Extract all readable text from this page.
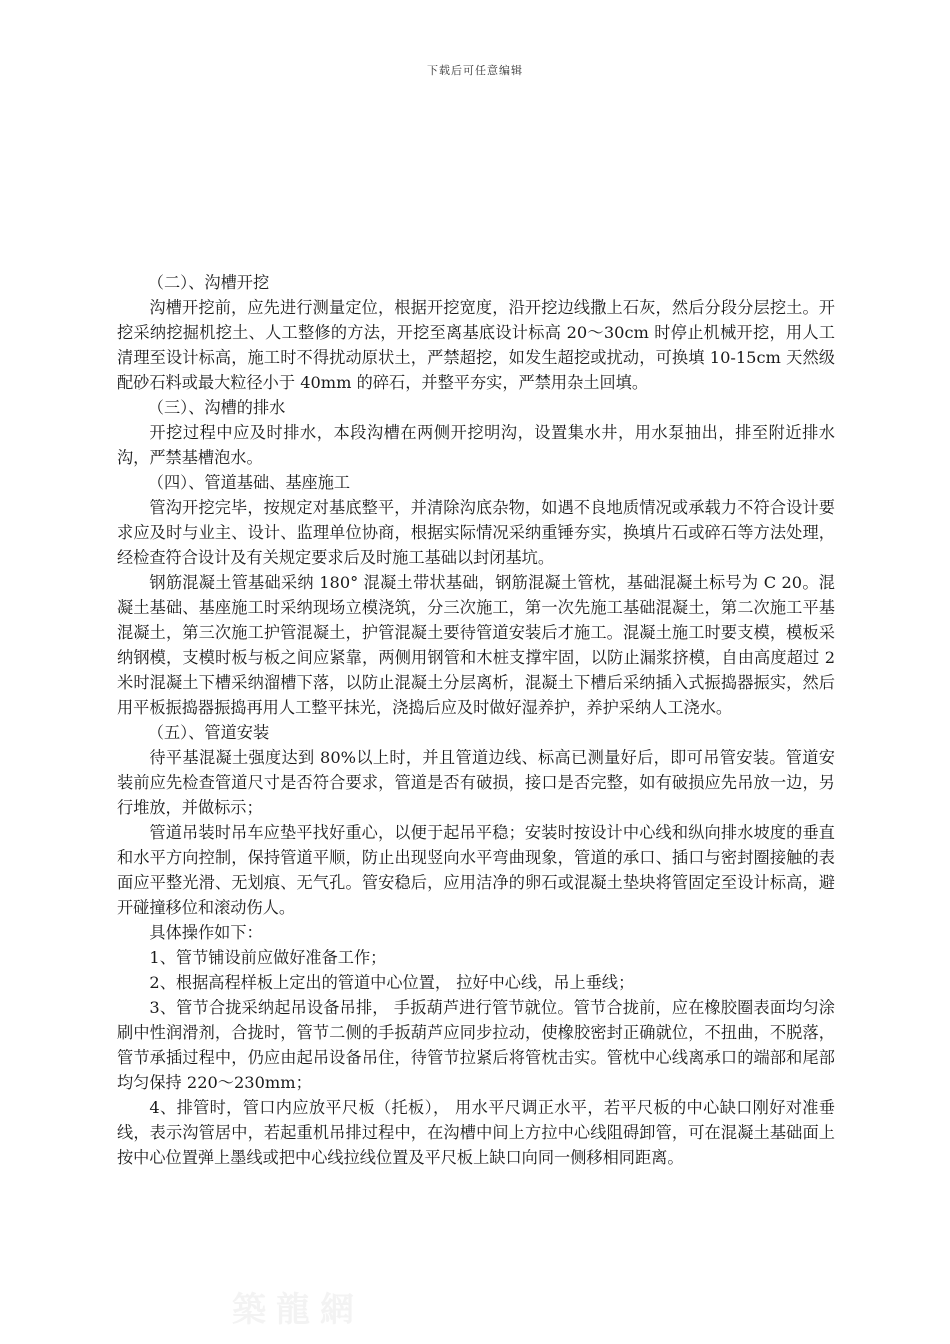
下载后可任意编辑

（二）、沟槽开挖

沟槽开挖前，应先进行测量定位，根据开挖宽度，沿开挖边线撒上石灰，然后分段分层挖土。开挖采纳挖掘机挖土、人工整修的方法，开挖至离基底设计标高 20～30cm 时停止机械开挖，用人工清理至设计标高，施工时不得扰动原状土，严禁超挖，如发生超挖或扰动，可换填 10-15cm 天然级配砂石料或最大粒径小于 40mm 的碎石，并整平夯实，严禁用杂土回填。

（三）、沟槽的排水

开挖过程中应及时排水，本段沟槽在两侧开挖明沟，设置集水井，用水泵抽出，排至附近排水沟，严禁基槽泡水。

（四）、管道基础、基座施工

管沟开挖完毕，按规定对基底整平，并清除沟底杂物，如遇不良地质情况或承载力不符合设计要求应及时与业主、设计、监理单位协商，根据实际情况采纳重锤夯实，换填片石或碎石等方法处理，经检查符合设计及有关规定要求后及时施工基础以封闭基坑。

钢筋混凝土管基础采纳 180° 混凝土带状基础，钢筋混凝土管枕，基础混凝土标号为 C 20。混凝土基础、基座施工时采纳现场立模浇筑，分三次施工，第一次先施工基础混凝土，第二次施工平基混凝土，第三次施工护管混凝土，护管混凝土要待管道安装后才施工。混凝土施工时要支模，模板采纳钢模，支模时板与板之间应紧靠，两侧用钢管和木桩支撑牢固，以防止漏浆挤模，自由高度超过 2 米时混凝土下槽采纳溜槽下落，以防止混凝土分层离析，混凝土下槽后采纳插入式振捣器振实，然后用平板振捣器振捣再用人工整平抹光，浇捣后应及时做好湿养护，养护采纳人工浇水。

（五）、管道安装

待平基混凝土强度达到 80%以上时，并且管道边线、标高已测量好后，即可吊管安装。管道安装前应先检查管道尺寸是否符合要求，管道是否有破损，接口是否完整，如有破损应先吊放一边，另行堆放，并做标示；

管道吊装时吊车应垫平找好重心，以便于起吊平稳；安装时按设计中心线和纵向排水坡度的垂直和水平方向控制，保持管道平顺，防止出现竖向水平弯曲现象，管道的承口、插口与密封圈接触的表面应平整光滑、无划痕、无气孔。管安稳后，应用洁净的卵石或混凝土垫块将管固定至设计标高，避开碰撞移位和滚动伤人。

具体操作如下：

1、管节铺设前应做好准备工作；

2、根据高程样板上定出的管道中心位置， 拉好中心线，吊上垂线；

3、管节合拢采纳起吊设备吊排， 手扳葫芦进行管节就位。管节合拢前，应在橡胶圈表面均匀涂刷中性润滑剂，合拢时，管节二侧的手扳葫芦应同步拉动，使橡胶密封正确就位，不扭曲，不脱落，管节承插过程中，仍应由起吊设备吊住，待管节拉紧后将管枕击实。管枕中心线离承口的端部和尾部均匀保持 220～230mm；

4、排管时，管口内应放平尺板（托板）， 用水平尺调正水平，若平尺板的中心缺口刚好对准垂线，表示沟管居中，若起重机吊排过程中，在沟槽中间上方拉中心线阻碍卸管，可在混凝土基础面上按中心位置弹上墨线或把中心线拉线位置及平尺板上缺口向同一侧移相同距离。

築龍網
